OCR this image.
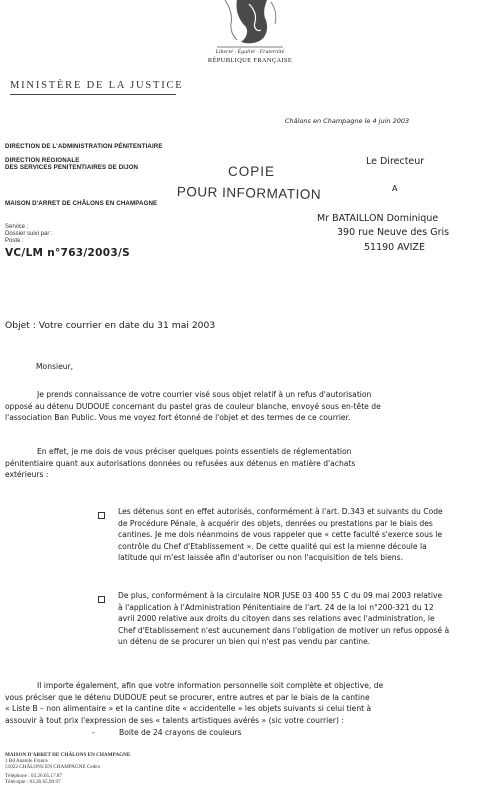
Liberté · Égalité · Fraternité
RÉPUBLIQUE FRANÇAISE
MINISTÈRE DE LA JUSTICE
Châlons en Champagne le 4 juin 2003
DIRECTION DE L'ADMINISTRATION PÉNITENTIAIRE
DIRECTION REGIONALE
DES SERVICES PENITENTIAIRES DE DIJON
MAISON D'ARRET DE CHÂLONS EN CHAMPAGNE
Service :
Dossier suivi par :
Poste :
VC/LM n°763/2003/S
COPIE
POUR INFORMATION
Le Directeur
A
Mr BATAILLON Dominique
390 rue Neuve des Gris
51190 AVIZE
Objet : Votre courrier en date du 31 mai 2003
Monsieur,
Je prends connaissance de votre courrier visé sous objet relatif à un refus d'autorisation
opposé au détenu DUDOUE concernant du pastel gras de couleur blanche, envoyé sous en-tête de
l'association Ban Public. Vous me voyez fort étonné de l'objet et des termes de ce courrier.
En effet, je me dois de vous préciser quelques points essentiels de réglementation
pénitentiaire quant aux autorisations données ou refusées aux détenus en matière d'achats
extérieurs :
Les détenus sont en effet autorisés, conformément à l'art. D.343 et suivants du Code
de Procédure Pénale, à acquérir des objets, denrées ou prestations par le biais des
cantines. Je me dois néanmoins de vous rappeler que « cette faculté s'exerce sous le
contrôle du Chef d'Etablissement ». De cette qualité qui est la mienne découle la
latitude qui m'est laissée afin d'autoriser ou non l'acquisition de tels biens.
De plus, conformément à la circulaire NOR JUSE 03 400 55 C du 09 mai 2003 relative
à l'application à l'Administration Pénitentiaire de l'art. 24 de la loi n°200-321 du 12
avril 2000 relative aux droits du citoyen dans ses relations avec l'administration, le
Chef d'Etablissement n'est aucunement dans l'obligation de motiver un refus opposé à
un détenu de se procurer un bien qui n'est pas vendu par cantine.
Il importe également, afin que votre information personnelle soit complète et objective, de
vous préciser que le détenu DUDOUE peut se procurer, entre autres et par le biais de la cantine
« Liste B – non alimentaire » et la cantine dite « accidentelle » les objets suivants si celui tient à
assouvir à tout prix l'expression de ses « talents artistiques avérés » (sic votre courrier) :
-	Boite de 24 crayons de couleurs
MAISON D'ARRET DE CHÂLONS EN CHAMPAGNE
1 Bd Anatole France
51022 CHÂLONS EN CHAMPAGNE Cedex
Téléphone : 03.26.65.17.87
Télécopie : 03.26.65.90.97
